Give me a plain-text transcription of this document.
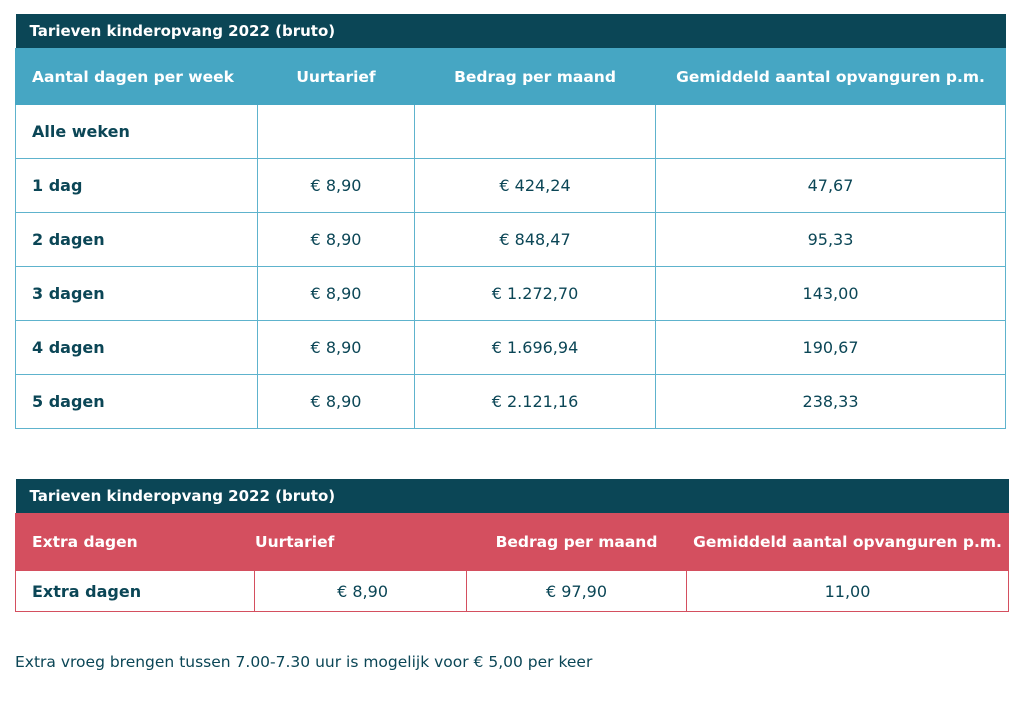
Tarieven kinderopvang 2022 (bruto)			
Aantal dagen per week	Uurtarief	Bedrag per maand	Gemiddeld aantal opvanguren p.m.
Alle weken			
1 dag	€ 8,90	€ 424,24	47,67
2 dagen	€ 8,90	€ 848,47	95,33
3 dagen	€ 8,90	€ 1.272,70	143,00
4 dagen	€ 8,90	€ 1.696,94	190,67
5 dagen	€ 8,90	€ 2.121,16	238,33
Tarieven kinderopvang 2022 (bruto)			
Extra dagen	Uurtarief	Bedrag per maand	Gemiddeld aantal opvanguren p.m.
Extra dagen	€ 8,90	€ 97,90	11,00
Extra vroeg brengen tussen 7.00-7.30 uur is mogelijk voor € 5,00 per keer
